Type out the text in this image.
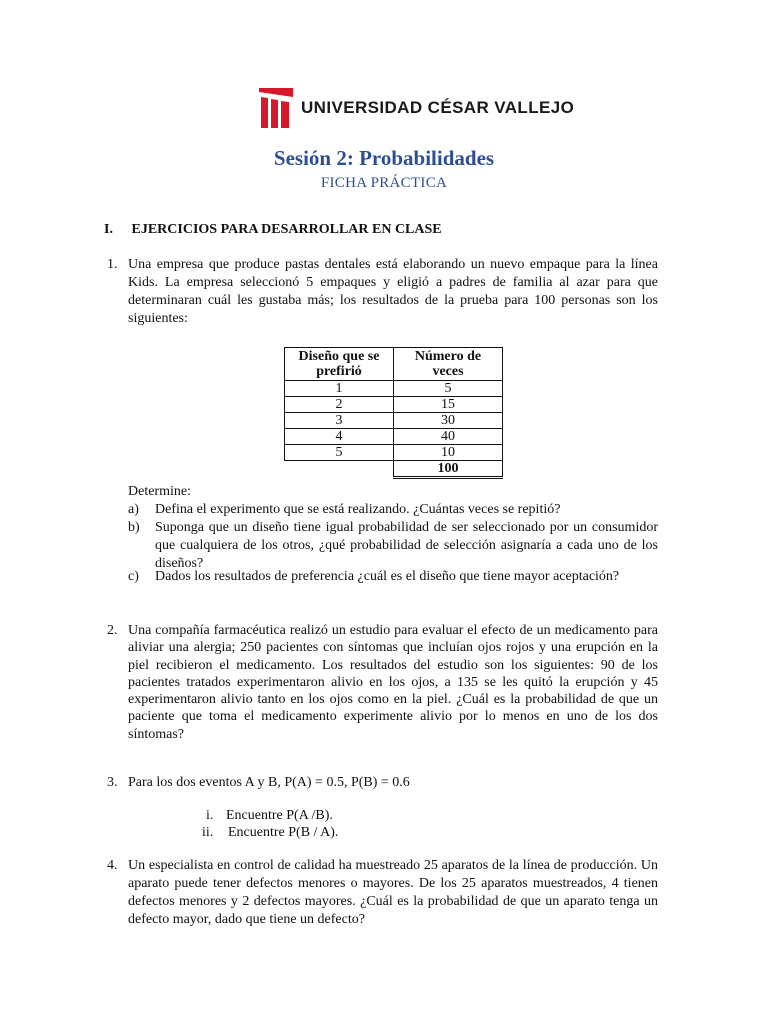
UNIVERSIDAD CÉSAR VALLEJO
Sesión 2: Probabilidades
FICHA PRÁCTICA
I. EJERCICIOS PARA DESARROLLAR EN CLASE
1. Una empresa que produce pastas dentales está elaborando un nuevo empaque para la línea Kids. La empresa seleccionó 5 empaques y eligió a padres de familia al azar para que determinaran cuál les gustaba más; los resultados de la prueba para 100 personas son los siguientes:

Diseño que se prefirió	Número de veces
1	5
2	15
3	30
4	40
5	10
	100
Determine:
a) Defina el experimento que se está realizando. ¿Cuántas veces se repitió?

b) Suponga que un diseño tiene igual probabilidad de ser seleccionado por un consumidor que cualquiera de los otros, ¿qué probabilidad de selección asignaría a cada uno de los diseños?

c) Dados los resultados de preferencia ¿cuál es el diseño que tiene mayor aceptación?

2. Una compañía farmacéutica realizó un estudio para evaluar el efecto de un medicamento para aliviar una alergia; 250 pacientes con síntomas que incluían ojos rojos y una erupción en la piel recibieron el medicamento. Los resultados del estudio son los siguientes: 90 de los pacientes tratados experimentaron alivio en los ojos, a 135 se les quitó la erupción y 45 experimentaron alivio tanto en los ojos como en la piel. ¿Cuál es la probabilidad de que un paciente que toma el medicamento experimente alivio por lo menos en uno de los dos síntomas?

3. Para los dos eventos A y B, P(A) = 0.5, P(B) = 0.6

i. Encuentre P(A /B).
ii. Encuentre P(B / A).
4. Un especialista en control de calidad ha muestreado 25 aparatos de la línea de producción. Un aparato puede tener defectos menores o mayores. De los 25 aparatos muestreados, 4 tienen defectos menores y 2 defectos mayores. ¿Cuál es la probabilidad de que un aparato tenga un defecto mayor, dado que tiene un defecto?
